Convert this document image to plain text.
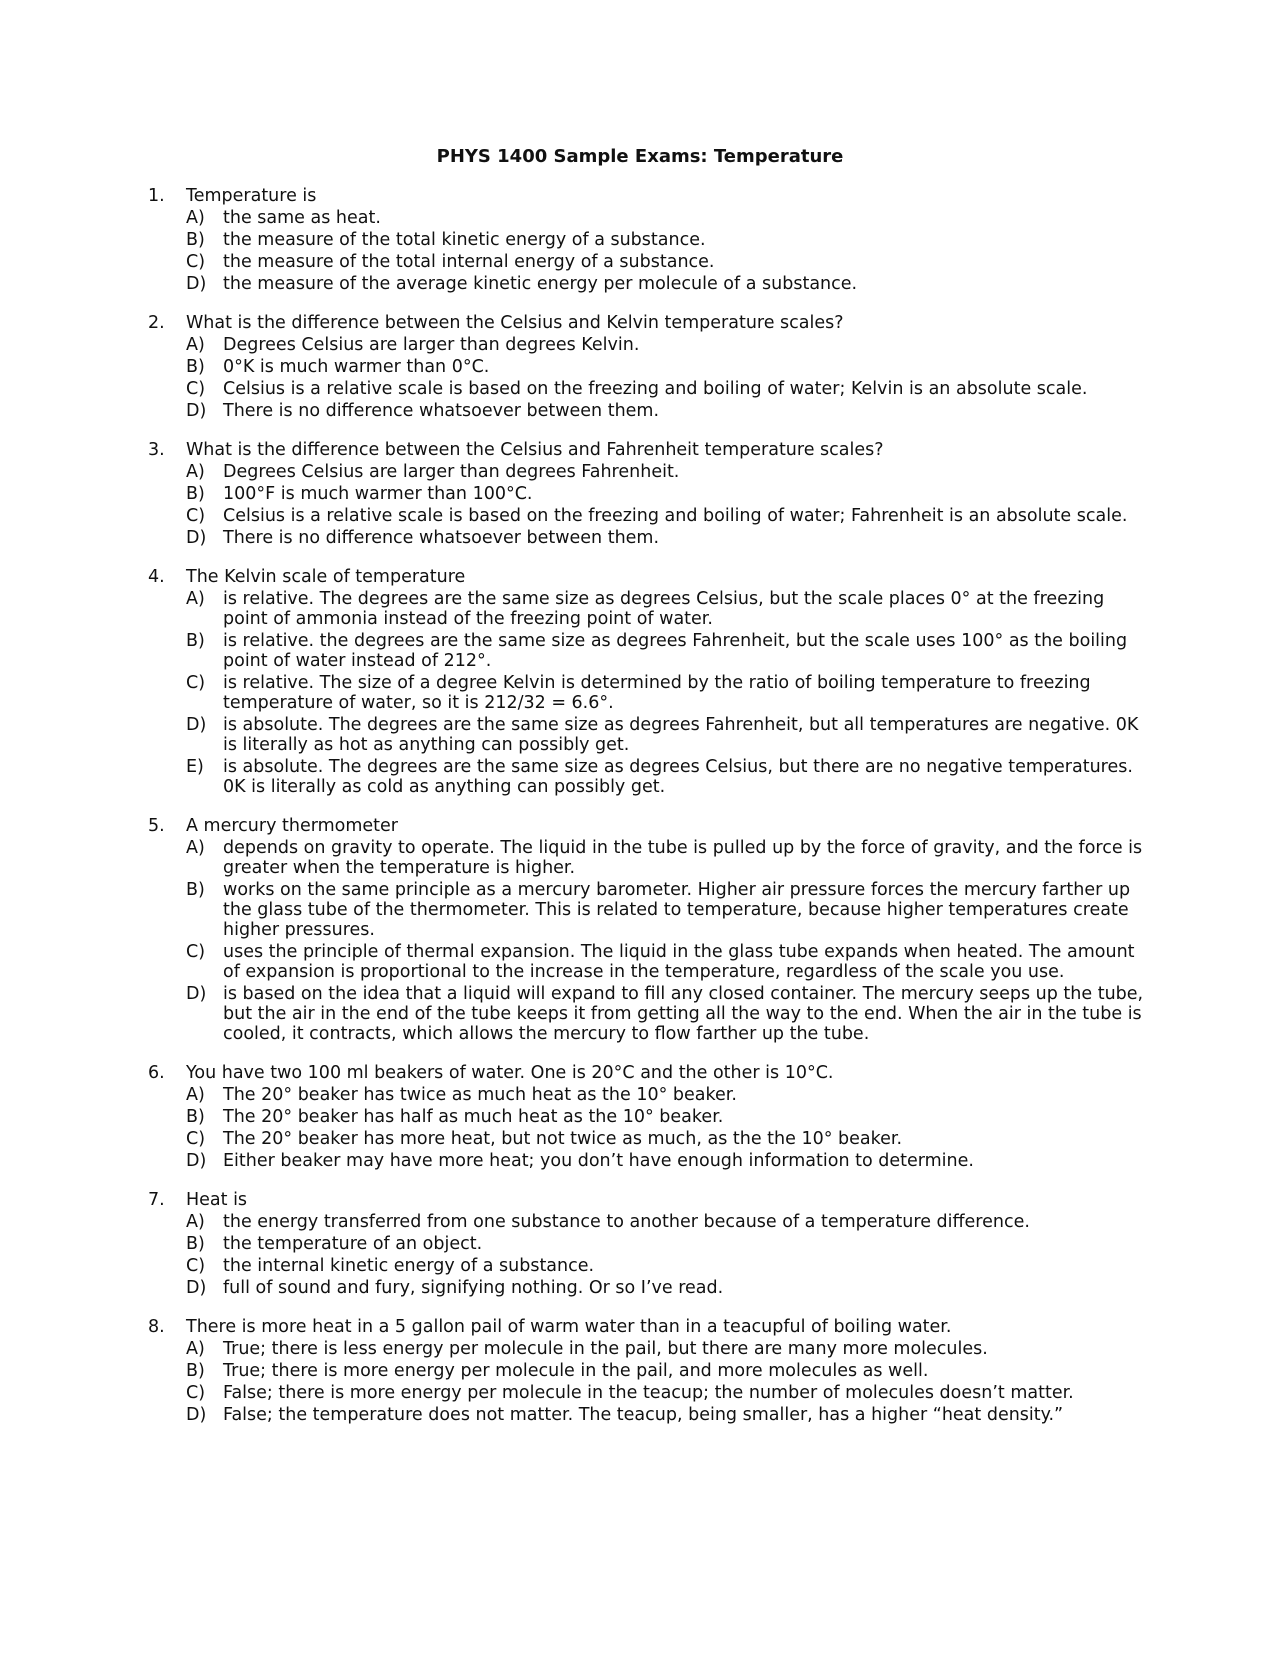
PHYS 1400 Sample Exams: Temperature
1. Temperature is
A) the same as heat.
B) the measure of the total kinetic energy of a substance.
C) the measure of the total internal energy of a substance.
D) the measure of the average kinetic energy per molecule of a substance.
2. What is the difference between the Celsius and Kelvin temperature scales?
A) Degrees Celsius are larger than degrees Kelvin.
B) 0°K is much warmer than 0°C.
C) Celsius is a relative scale is based on the freezing and boiling of water; Kelvin is an absolute scale.
D) There is no difference whatsoever between them.
3. What is the difference between the Celsius and Fahrenheit temperature scales?
A) Degrees Celsius are larger than degrees Fahrenheit.
B) 100°F is much warmer than 100°C.
C) Celsius is a relative scale is based on the freezing and boiling of water; Fahrenheit is an absolute scale.
D) There is no difference whatsoever between them.
4. The Kelvin scale of temperature
A) is relative. The degrees are the same size as degrees Celsius, but the scale places 0° at the freezing point of ammonia instead of the freezing point of water.
B) is relative. the degrees are the same size as degrees Fahrenheit, but the scale uses 100° as the boiling point of water instead of 212°.
C) is relative. The size of a degree Kelvin is determined by the ratio of boiling temperature to freezing temperature of water, so it is 212/32 = 6.6°.
D) is absolute. The degrees are the same size as degrees Fahrenheit, but all temperatures are negative. 0K is literally as hot as anything can possibly get.
E) is absolute. The degrees are the same size as degrees Celsius, but there are no negative temperatures. 0K is literally as cold as anything can possibly get.
5. A mercury thermometer
A) depends on gravity to operate. The liquid in the tube is pulled up by the force of gravity, and the force is greater when the temperature is higher.
B) works on the same principle as a mercury barometer. Higher air pressure forces the mercury farther up the glass tube of the thermometer. This is related to temperature, because higher temperatures create higher pressures.
C) uses the principle of thermal expansion. The liquid in the glass tube expands when heated. The amount of expansion is proportional to the increase in the temperature, regardless of the scale you use.
D) is based on the idea that a liquid will expand to fill any closed container. The mercury seeps up the tube, but the air in the end of the tube keeps it from getting all the way to the end. When the air in the tube is cooled, it contracts, which allows the mercury to flow farther up the tube.
6. You have two 100 ml beakers of water. One is 20°C and the other is 10°C.
A) The 20° beaker has twice as much heat as the 10° beaker.
B) The 20° beaker has half as much heat as the 10° beaker.
C) The 20° beaker has more heat, but not twice as much, as the the 10° beaker.
D) Either beaker may have more heat; you don’t have enough information to determine.
7. Heat is
A) the energy transferred from one substance to another because of a temperature difference.
B) the temperature of an object.
C) the internal kinetic energy of a substance.
D) full of sound and fury, signifying nothing. Or so I’ve read.
8. There is more heat in a 5 gallon pail of warm water than in a teacupful of boiling water.
A) True; there is less energy per molecule in the pail, but there are many more molecules.
B) True; there is more energy per molecule in the pail, and more molecules as well.
C) False; there is more energy per molecule in the teacup; the number of molecules doesn’t matter.
D) False; the temperature does not matter. The teacup, being smaller, has a higher “heat density.”
